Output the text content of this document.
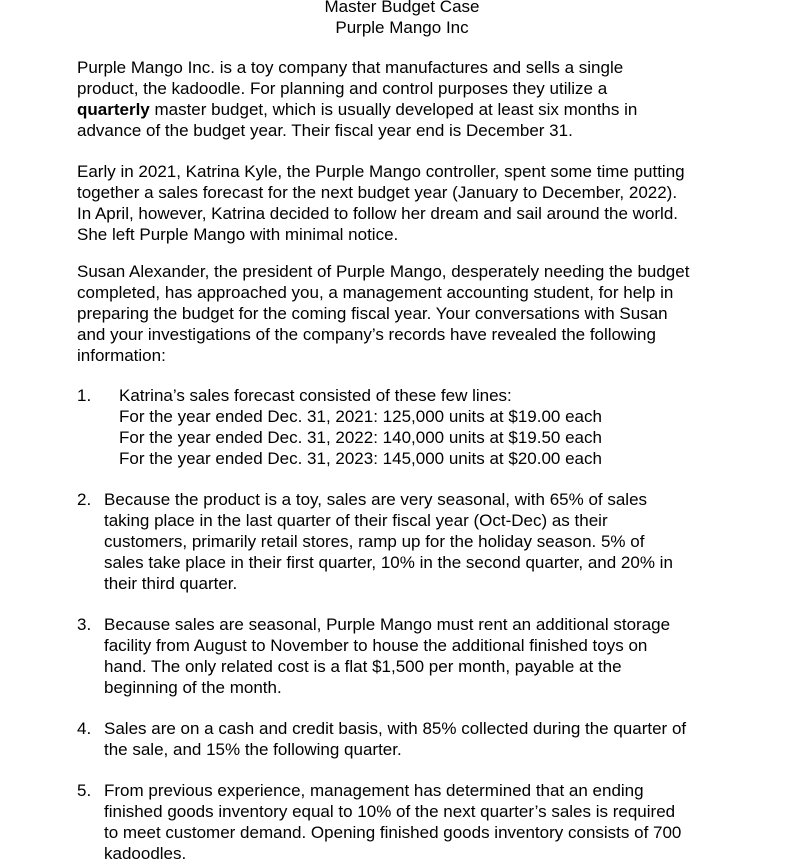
Master Budget Case
Purple Mango Inc
Purple Mango Inc. is a toy company that manufactures and sells a single
product, the kadoodle. For planning and control purposes they utilize a
quarterly master budget, which is usually developed at least six months in
advance of the budget year. Their fiscal year end is December 31.
Early in 2021, Katrina Kyle, the Purple Mango controller, spent some time putting
together a sales forecast for the next budget year (January to December, 2022).
In April, however, Katrina decided to follow her dream and sail around the world.
She left Purple Mango with minimal notice.
Susan Alexander, the president of Purple Mango, desperately needing the budget
completed, has approached you, a management accounting student, for help in
preparing the budget for the coming fiscal year. Your conversations with Susan
and your investigations of the company’s records have revealed the following
information:
1. Katrina’s sales forecast consisted of these few lines:
For the year ended Dec. 31, 2021: 125,000 units at $19.00 each
For the year ended Dec. 31, 2022: 140,000 units at $19.50 each
For the year ended Dec. 31, 2023: 145,000 units at $20.00 each
2. Because the product is a toy, sales are very seasonal, with 65% of sales
taking place in the last quarter of their fiscal year (Oct-Dec) as their
customers, primarily retail stores, ramp up for the holiday season. 5% of
sales take place in their first quarter, 10% in the second quarter, and 20% in
their third quarter.
3. Because sales are seasonal, Purple Mango must rent an additional storage
facility from August to November to house the additional finished toys on
hand. The only related cost is a flat $1,500 per month, payable at the
beginning of the month.
4. Sales are on a cash and credit basis, with 85% collected during the quarter of
the sale, and 15% the following quarter.
5. From previous experience, management has determined that an ending
finished goods inventory equal to 10% of the next quarter’s sales is required
to meet customer demand. Opening finished goods inventory consists of 700
kadoodles.
